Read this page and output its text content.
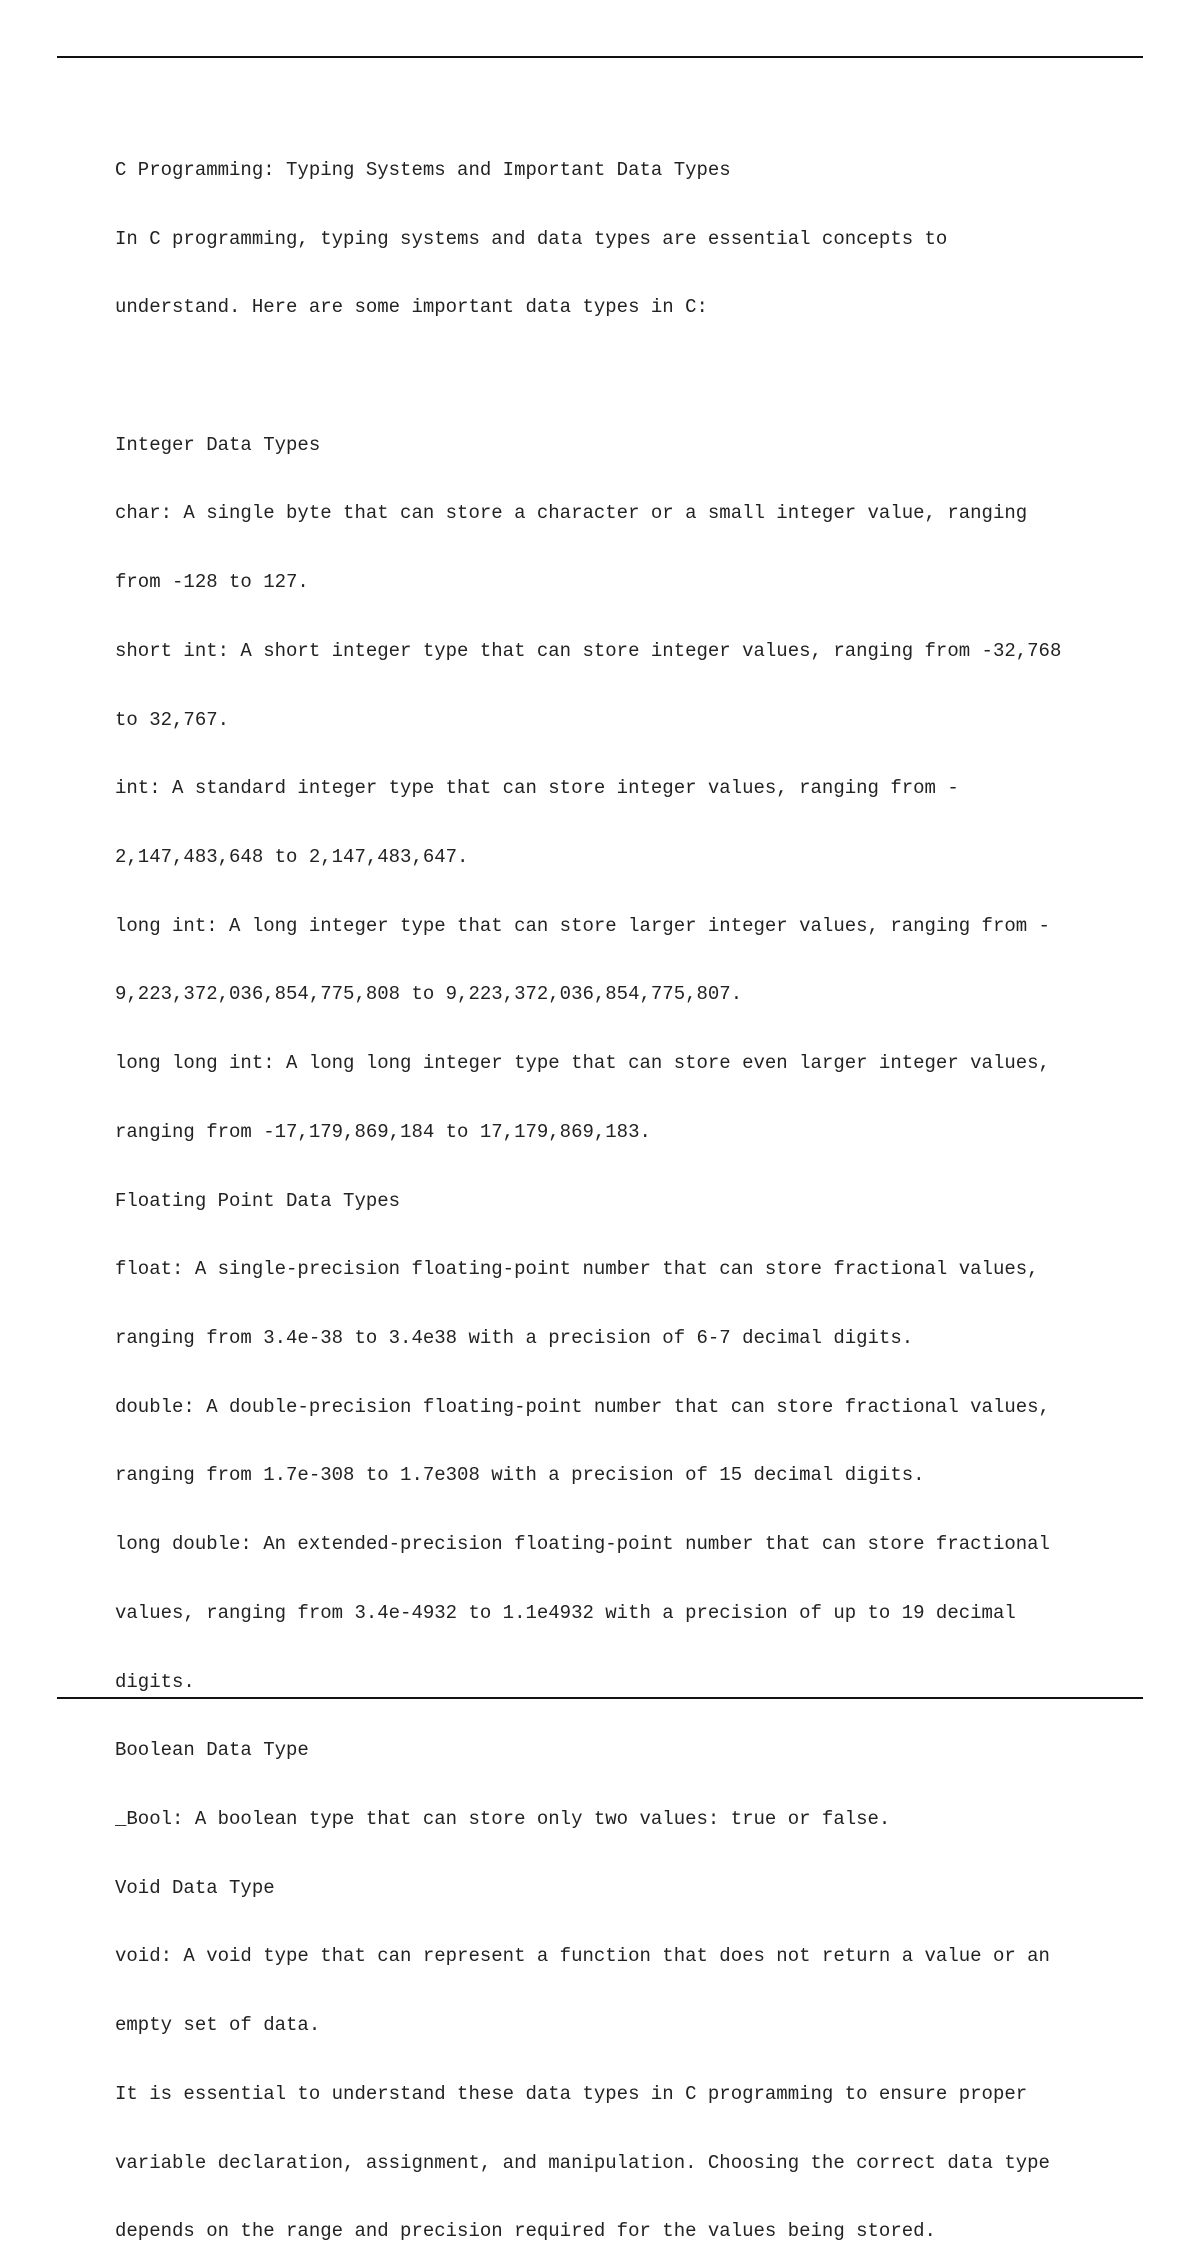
C Programming: Typing Systems and Important Data Types

In C programming, typing systems and data types are essential concepts to

understand. Here are some important data types in C:

Integer Data Types

char: A single byte that can store a character or a small integer value, ranging

from -128 to 127.

short int: A short integer type that can store integer values, ranging from -32,768

to 32,767.

int: A standard integer type that can store integer values, ranging from -

2,147,483,648 to 2,147,483,647.

long int: A long integer type that can store larger integer values, ranging from -

9,223,372,036,854,775,808 to 9,223,372,036,854,775,807.

long long int: A long long integer type that can store even larger integer values,

ranging from -17,179,869,184 to 17,179,869,183.

Floating Point Data Types

float: A single-precision floating-point number that can store fractional values,

ranging from 3.4e-38 to 3.4e38 with a precision of 6-7 decimal digits.

double: A double-precision floating-point number that can store fractional values,

ranging from 1.7e-308 to 1.7e308 with a precision of 15 decimal digits.

long double: An extended-precision floating-point number that can store fractional

values, ranging from 3.4e-4932 to 1.1e4932 with a precision of up to 19 decimal

digits.

Boolean Data Type

_Bool: A boolean type that can store only two values: true or false.

Void Data Type

void: A void type that can represent a function that does not return a value or an

empty set of data.

It is essential to understand these data types in C programming to ensure proper

variable declaration, assignment, and manipulation. Choosing the correct data type

depends on the range and precision required for the values being stored.
